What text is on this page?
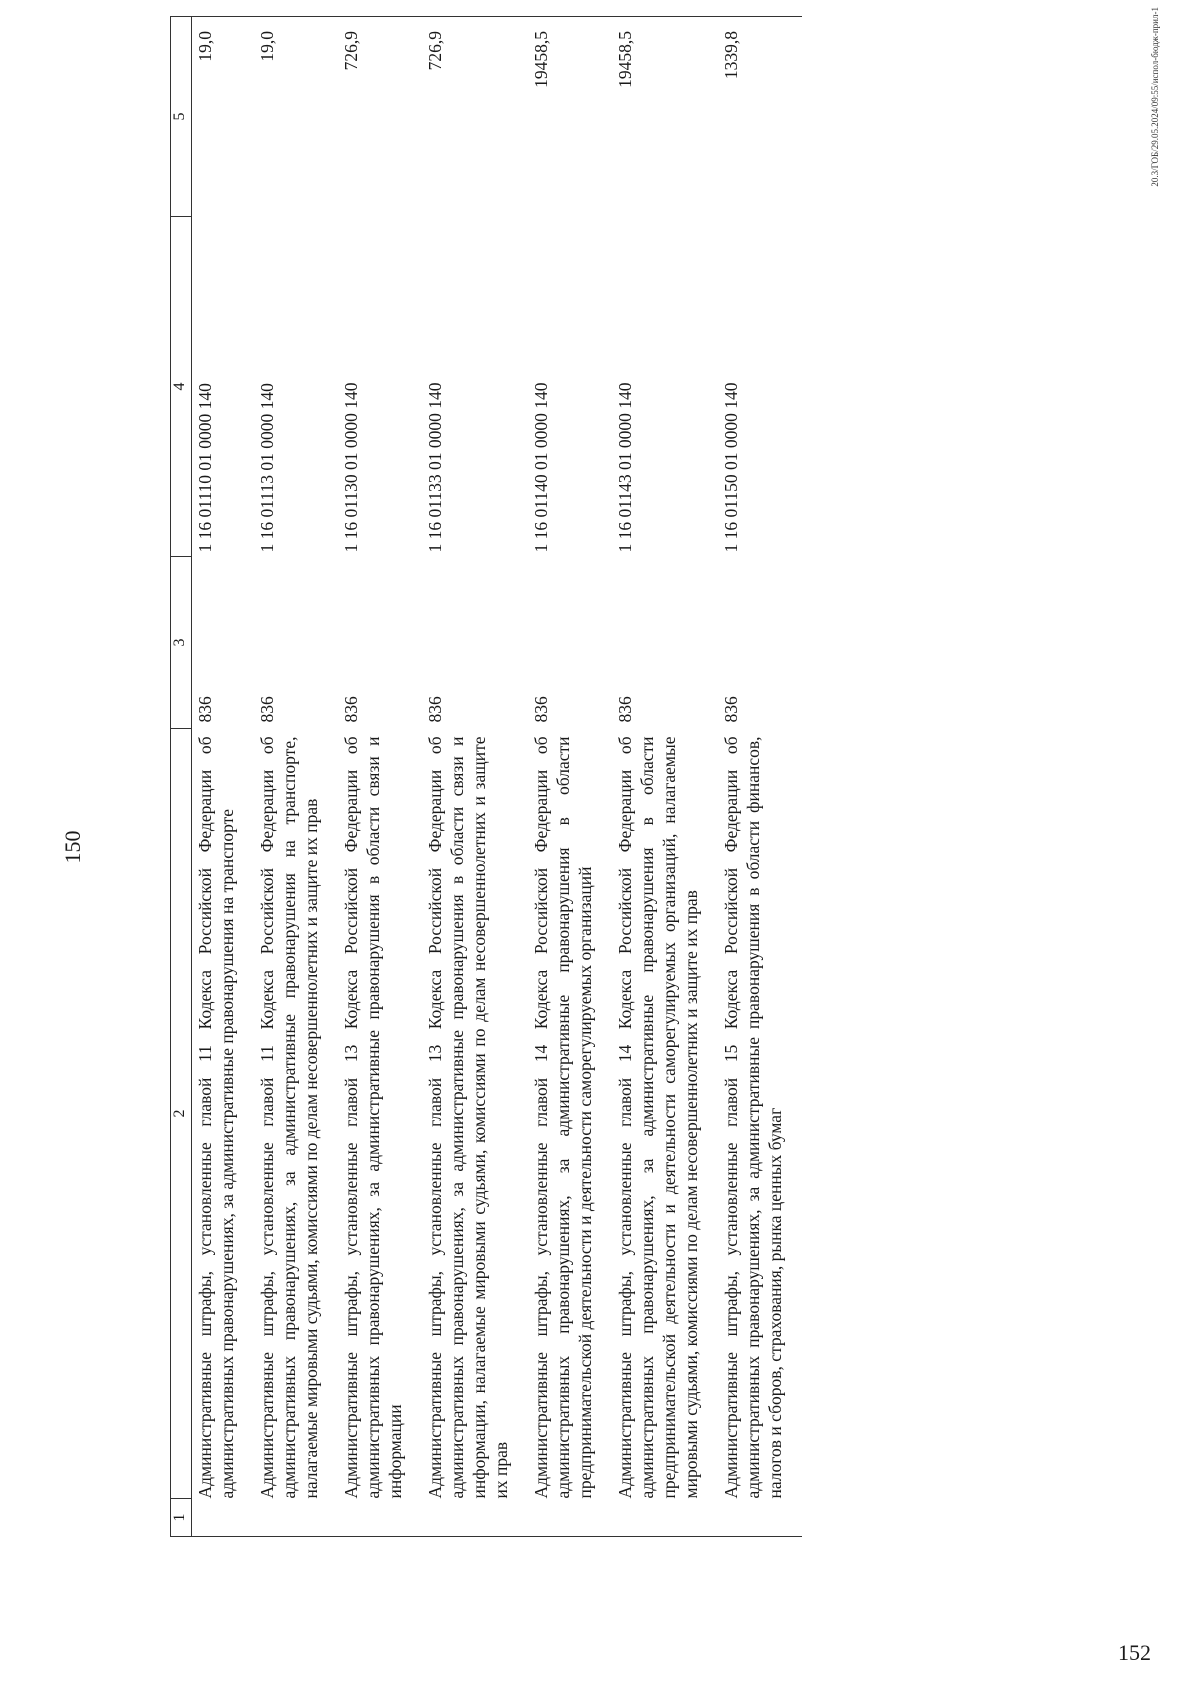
150
1	2	3	4	5
	Административные штрафы, установленные главой 11 Кодекса Российской Федерации об административных правонарушениях, за административные правонарушения на транспорте	836	1 16 01110 01 0000 140	19,0
	Административные штрафы, установленные главой 11 Кодекса Российской Федерации об административных правонарушениях, за административные правонарушения на транспорте, налагаемые мировыми судьями, комиссиями по делам несовершеннолетних и защите их прав	836	1 16 01113 01 0000 140	19,0
	Административные штрафы, установленные главой 13 Кодекса Российской Федерации об административных правонарушениях, за административные правонарушения в области связи и информации	836	1 16 01130 01 0000 140	726,9
	Административные штрафы, установленные главой 13 Кодекса Российской Федерации об административных правонарушениях, за административные правонарушения в области связи и информации, налагаемые мировыми судьями, комиссиями по делам несовершеннолетних и защите их прав	836	1 16 01133 01 0000 140	726,9
	Административные штрафы, установленные главой 14 Кодекса Российской Федерации об административных правонарушениях, за административные правонарушения в области предпринимательской деятельности и деятельности саморегулируемых организаций	836	1 16 01140 01 0000 140	19458,5
	Административные штрафы, установленные главой 14 Кодекса Российской Федерации об административных правонарушениях, за административные правонарушения в области предпринимательской деятельности и деятельности саморегулируемых организаций, налагаемые мировыми судьями, комиссиями по делам несовершеннолетних и защите их прав	836	1 16 01143 01 0000 140	19458,5
	Административные штрафы, установленные главой 15 Кодекса Российской Федерации об административных правонарушениях, за административные правонарушения в области финансов, налогов и сборов, страхования, рынка ценных бумаг	836	1 16 01150 01 0000 140	1339,8	20.3/ГОБ/29.05.2024/09:55/испол-бюдж-прил-1
152
